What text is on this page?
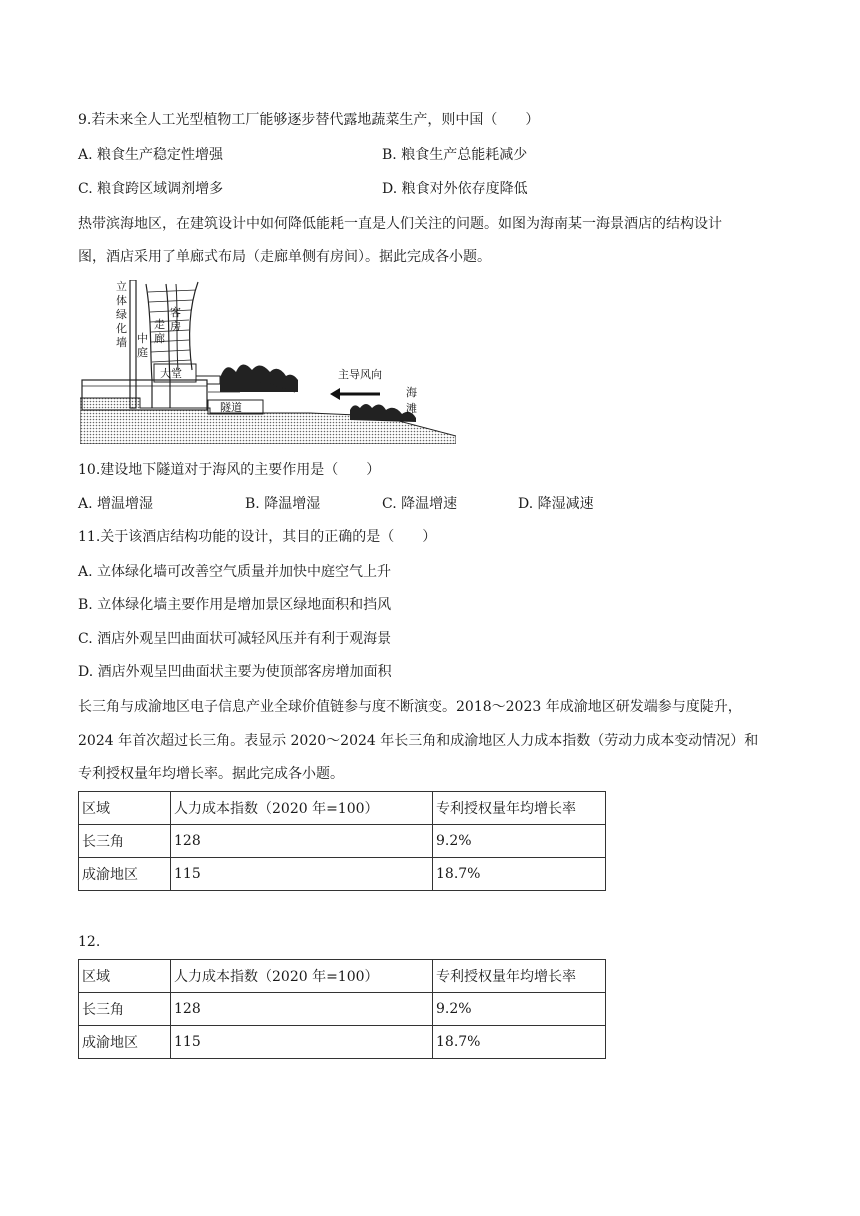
9.若未来全人工光型植物工厂能够逐步替代露地蔬菜生产，则中国（　　）
A. 粮食生产稳定性增强	B. 粮食生产总能耗减少
C. 粮食跨区域调剂增多	D. 粮食对外依存度降低
热带滨海地区，在建筑设计中如何降低能耗一直是人们关注的问题。如图为海南某一海景酒店的结构设计
图，酒店采用了单廊式布局（走廊单侧有房间）。据此完成各小题。
立
体
绿
化
墙 中
庭
走
廊
客
房
大堂
隧道
主导风向
海
滩
10.建设地下隧道对于海风的主要作用是（　　）
A. 增温增湿	B. 降温增湿	C. 降温增速	D. 降湿减速
11.关于该酒店结构功能的设计，其目的正确的是（　　）
A. 立体绿化墙可改善空气质量并加快中庭空气上升
B. 立体绿化墙主要作用是增加景区绿地面积和挡风
C. 酒店外观呈凹曲面状可减轻风压并有利于观海景
D. 酒店外观呈凹曲面状主要为使顶部客房增加面积
长三角与成渝地区电子信息产业全球价值链参与度不断演变。2018～2023 年成渝地区研发端参与度陡升，
2024 年首次超过长三角。表显示 2020～2024 年长三角和成渝地区人力成本指数（劳动力成本变动情况）和
专利授权量年均增长率。据此完成各小题。
区域	人力成本指数（2020 年=100）	专利授权量年均增长率
长三角	128	9.2%
成渝地区	115	18.7%
12.
区域	人力成本指数（2020 年=100）	专利授权量年均增长率
长三角	128	9.2%
成渝地区	115	18.7%
